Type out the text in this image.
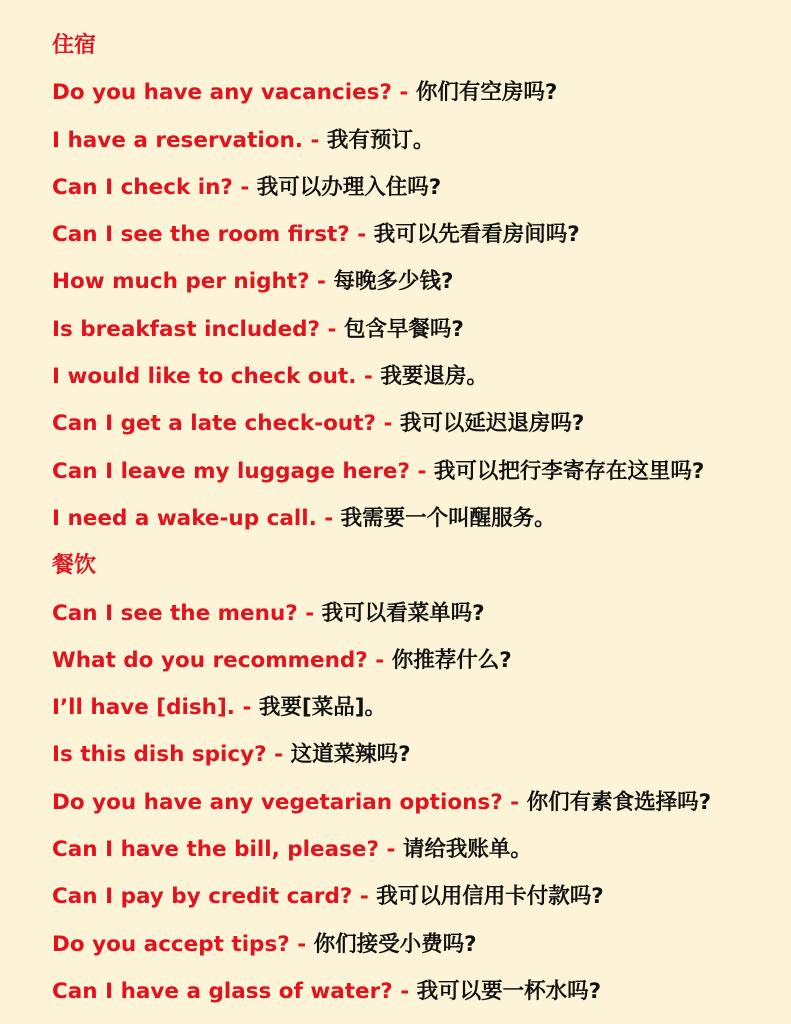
住宿
Do you have any vacancies? - 你们有空房吗?
I have a reservation. - 我有预订。
Can I check in? - 我可以办理入住吗?
Can I see the room first? - 我可以先看看房间吗?
How much per night? - 每晚多少钱?
Is breakfast included? - 包含早餐吗?
I would like to check out. - 我要退房。
Can I get a late check-out? - 我可以延迟退房吗?
Can I leave my luggage here? - 我可以把行李寄存在这里吗?
I need a wake-up call. - 我需要一个叫醒服务。
餐饮
Can I see the menu? - 我可以看菜单吗?
What do you recommend? - 你推荐什么?
I’ll have [dish]. - 我要[菜品]。
Is this dish spicy? - 这道菜辣吗?
Do you have any vegetarian options? - 你们有素食选择吗?
Can I have the bill, please? - 请给我账单。
Can I pay by credit card? - 我可以用信用卡付款吗?
Do you accept tips? - 你们接受小费吗?
Can I have a glass of water? - 我可以要一杯水吗?
